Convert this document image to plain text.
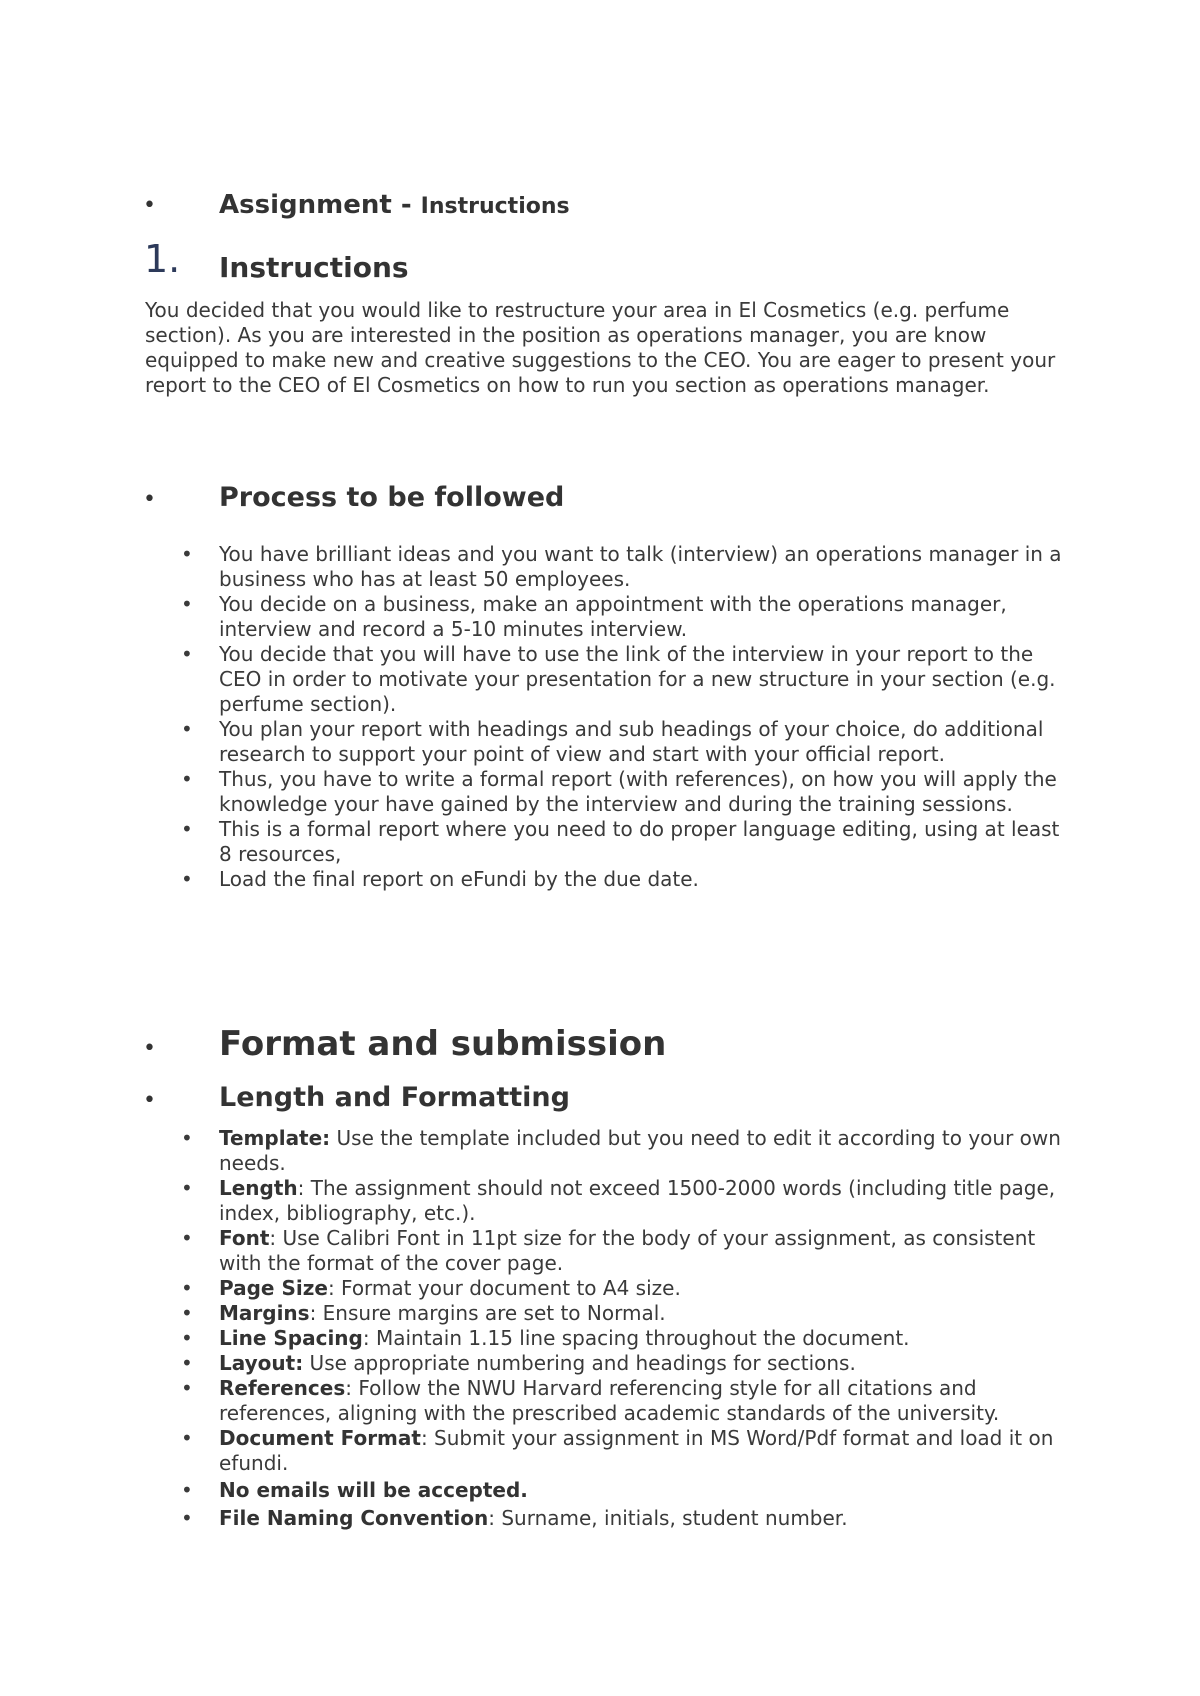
• Assignment - Instructions
1. Instructions

You decided that you would like to restructure your area in El Cosmetics (e.g. perfume section). As you are interested in the position as operations manager, you are know equipped to make new and creative suggestions to the CEO. You are eager to present your report to the CEO of El Cosmetics on how to run you section as operations manager.

• Process to be followed
• You have brilliant ideas and you want to talk (interview) an operations manager in a business who has at least 50 employees.
• You decide on a business, make an appointment with the operations manager, interview and record a 5-10 minutes interview.
• You decide that you will have to use the link of the interview in your report to the CEO in order to motivate your presentation for a new structure in your section (e.g. perfume section).
• You plan your report with headings and sub headings of your choice, do additional research to support your point of view and start with your official report.
• Thus, you have to write a formal report (with references), on how you will apply the knowledge your have gained by the interview and during the training sessions.
• This is a formal report where you need to do proper language editing, using at least 8 resources,
• Load the final report on eFundi by the due date.
• Format and submission
• Length and Formatting
• Template: Use the template included but you need to edit it according to your own needs.
• Length: The assignment should not exceed 1500-2000 words (including title page, index, bibliography, etc.).
• Font: Use Calibri Font in 11pt size for the body of your assignment, as consistent with the format of the cover page.
• Page Size: Format your document to A4 size.
• Margins: Ensure margins are set to Normal.
• Line Spacing: Maintain 1.15 line spacing throughout the document.
• Layout: Use appropriate numbering and headings for sections.
• References: Follow the NWU Harvard referencing style for all citations and references, aligning with the prescribed academic standards of the university.
• Document Format: Submit your assignment in MS Word/Pdf format and load it on efundi.
• No emails will be accepted.
• File Naming Convention: Surname, initials, student number.
